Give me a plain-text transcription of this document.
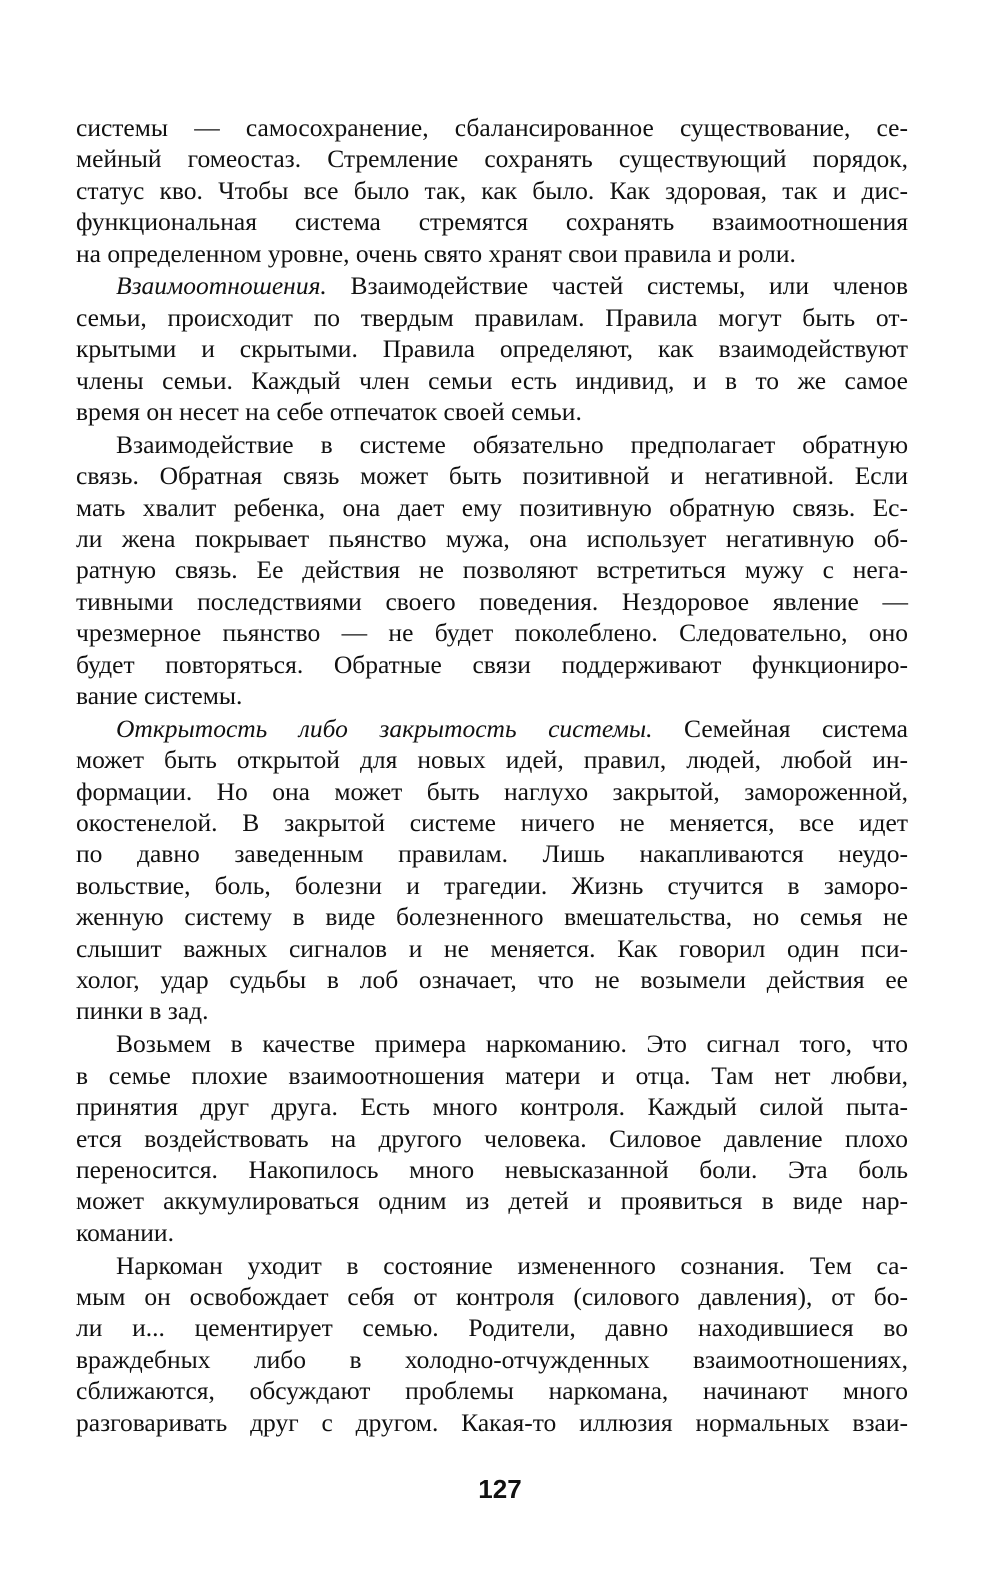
системы — самосохранение, сбалансированное существование, се-
мейный гомеостаз. Стремление сохранять существующий порядок,
статус кво. Чтобы все было так, как было. Как здоровая, так и дис-
функциональная система стремятся сохранять взаимоотношения
на определенном уровне, очень свято хранят свои правила и роли.
Взаимоотношения. Взаимодействие частей системы, или членов
семьи, происходит по твердым правилам. Правила могут быть от-
крытыми и скрытыми. Правила определяют, как взаимодействуют
члены семьи. Каждый член семьи есть индивид, и в то же самое
время он несет на себе отпечаток своей семьи.
Взаимодействие в системе обязательно предполагает обратную
связь. Обратная связь может быть позитивной и негативной. Если
мать хвалит ребенка, она дает ему позитивную обратную связь. Ес-
ли жена покрывает пьянство мужа, она использует негативную об-
ратную связь. Ее действия не позволяют встретиться мужу с нега-
тивными последствиями своего поведения. Нездоровое явление —
чрезмерное пьянство — не будет поколеблено. Следовательно, оно
будет повторяться. Обратные связи поддерживают функциониро-
вание системы.
Открытость либо закрытость системы. Семейная система
может быть открытой для новых идей, правил, людей, любой ин-
формации. Но она может быть наглухо закрытой, замороженной,
окостенелой. В закрытой системе ничего не меняется, все идет
по давно заведенным правилам. Лишь накапливаются неудо-
вольствие, боль, болезни и трагедии. Жизнь стучится в заморо-
женную систему в виде болезненного вмешательства, но семья не
слышит важных сигналов и не меняется. Как говорил один пси-
холог, удар судьбы в лоб означает, что не возымели действия ее
пинки в зад.
Возьмем в качестве примера наркоманию. Это сигнал того, что
в семье плохие взаимоотношения матери и отца. Там нет любви,
принятия друг друга. Есть много контроля. Каждый силой пыта-
ется воздействовать на другого человека. Силовое давление плохо
переносится. Накопилось много невысказанной боли. Эта боль
может аккумулироваться одним из детей и проявиться в виде нар-
комании.
Наркоман уходит в состояние измененного сознания. Тем са-
мым он освобождает себя от контроля (силового давления), от бо-
ли и... цементирует семью. Родители, давно находившиеся во
враждебных либо в холодно-отчужденных взаимоотношениях,
сближаются, обсуждают проблемы наркомана, начинают много
разговаривать друг с другом. Какая-то иллюзия нормальных взаи-
127
